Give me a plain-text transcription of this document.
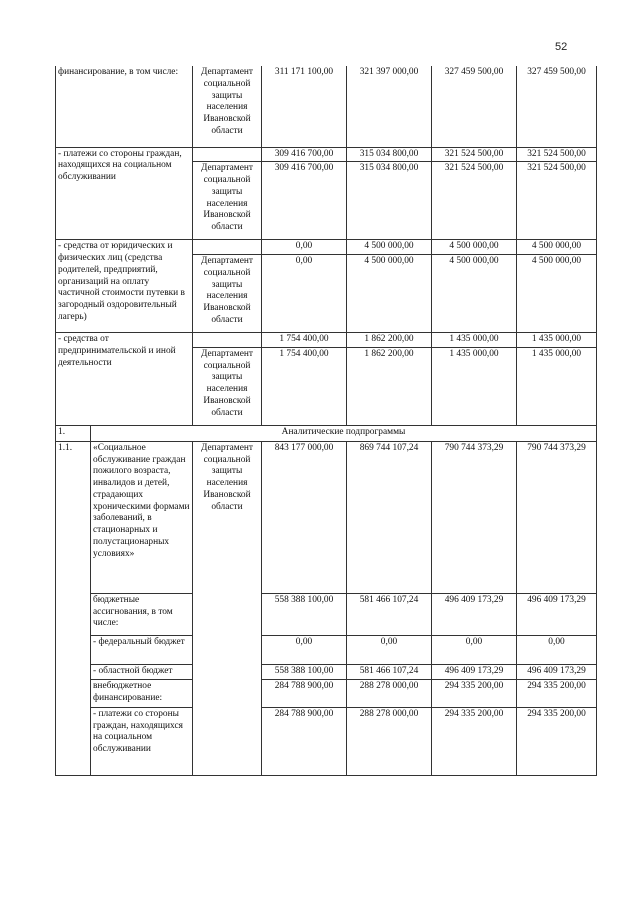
52
финансирование, в том числе:		Департамент социальной защиты населения Ивановской области	311 171 100,00	321 397 000,00	327 459 500,00	327 459 500,00
- платежи со стороны граждан, находящихся на социальном обслуживании			309 416 700,00	315 034 800,00	321 524 500,00	321 524 500,00
		Департамент социальной защиты населения Ивановской области	309 416 700,00	315 034 800,00	321 524 500,00	321 524 500,00
- средства от юридических и физических лиц (средства родителей, предприятий, организаций на оплату частичной стоимости путевки в загородный оздоровительный лагерь)			0,00	4 500 000,00	4 500 000,00	4 500 000,00
		Департамент социальной защиты населения Ивановской области	0,00	4 500 000,00	4 500 000,00	4 500 000,00
- средства от предпринимательской и иной деятельности			1 754 400,00	1 862 200,00	1 435 000,00	1 435 000,00
		Департамент социальной защиты населения Ивановской области	1 754 400,00	1 862 200,00	1 435 000,00	1 435 000,00
1.	Аналитические подпрограммы					
1.1.	«Социальное обслуживание граждан пожилого возраста, инвалидов и детей, страдающих хроническими формами заболеваний, в стационарных и полустационарных условиях»	Департамент социальной защиты населения Ивановской области	843 177 000,00	869 744 107,24	790 744 373,29	790 744 373,29
	бюджетные ассигнования, в том числе:		558 388 100,00	581 466 107,24	496 409 173,29	496 409 173,29
	- федеральный бюджет		0,00	0,00	0,00	0,00
	- областной бюджет		558 388 100,00	581 466 107,24	496 409 173,29	496 409 173,29
	внебюджетное финансирование:		284 788 900,00	288 278 000,00	294 335 200,00	294 335 200,00
	- платежи со стороны граждан, находящихся на социальном обслуживании		284 788 900,00	288 278 000,00	294 335 200,00	294 335 200,00
